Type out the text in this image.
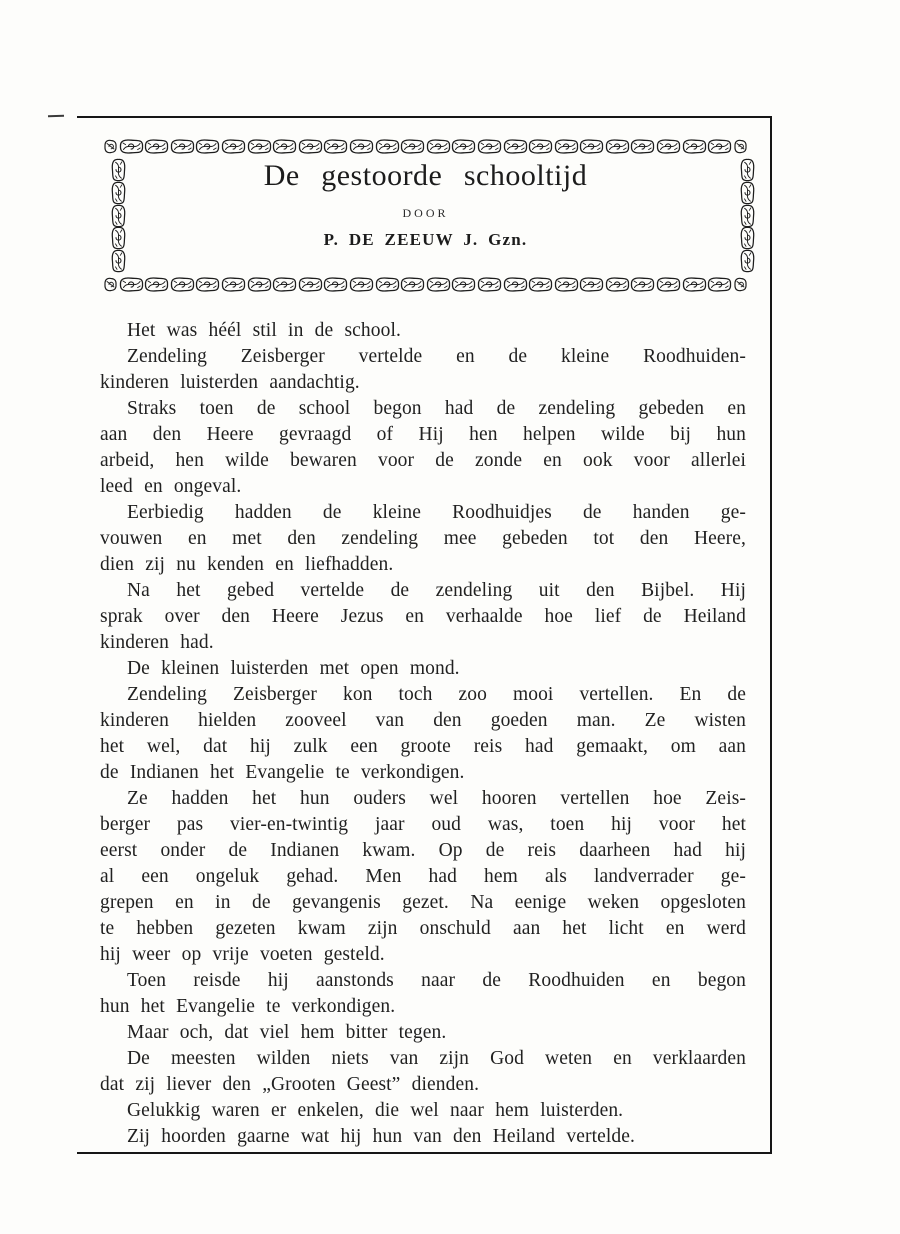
De gestoorde schooltijd
DOOR
P. DE ZEEUW J. Gzn.
Het was héél stil in de school.
Zendeling Zeisberger vertelde en de kleine Roodhuiden-
kinderen luisterden aandachtig.
Straks toen de school begon had de zendeling gebeden en
aan den Heere gevraagd of Hij hen helpen wilde bij hun
arbeid, hen wilde bewaren voor de zonde en ook voor allerlei
leed en ongeval.
Eerbiedig hadden de kleine Roodhuidjes de handen ge-
vouwen en met den zendeling mee gebeden tot den Heere,
dien zij nu kenden en liefhadden.
Na het gebed vertelde de zendeling uit den Bijbel. Hij
sprak over den Heere Jezus en verhaalde hoe lief de Heiland
kinderen had.
De kleinen luisterden met open mond.
Zendeling Zeisberger kon toch zoo mooi vertellen. En de
kinderen hielden zooveel van den goeden man. Ze wisten
het wel, dat hij zulk een groote reis had gemaakt, om aan
de Indianen het Evangelie te verkondigen.
Ze hadden het hun ouders wel hooren vertellen hoe Zeis-
berger pas vier-en-twintig jaar oud was, toen hij voor het
eerst onder de Indianen kwam. Op de reis daarheen had hij
al een ongeluk gehad. Men had hem als landverrader ge-
grepen en in de gevangenis gezet. Na eenige weken opgesloten
te hebben gezeten kwam zijn onschuld aan het licht en werd
hij weer op vrije voeten gesteld.
Toen reisde hij aanstonds naar de Roodhuiden en begon
hun het Evangelie te verkondigen.
Maar och, dat viel hem bitter tegen.
De meesten wilden niets van zijn God weten en verklaarden
dat zij liever den „Grooten Geest” dienden.
Gelukkig waren er enkelen, die wel naar hem luisterden.
Zij hoorden gaarne wat hij hun van den Heiland vertelde.
